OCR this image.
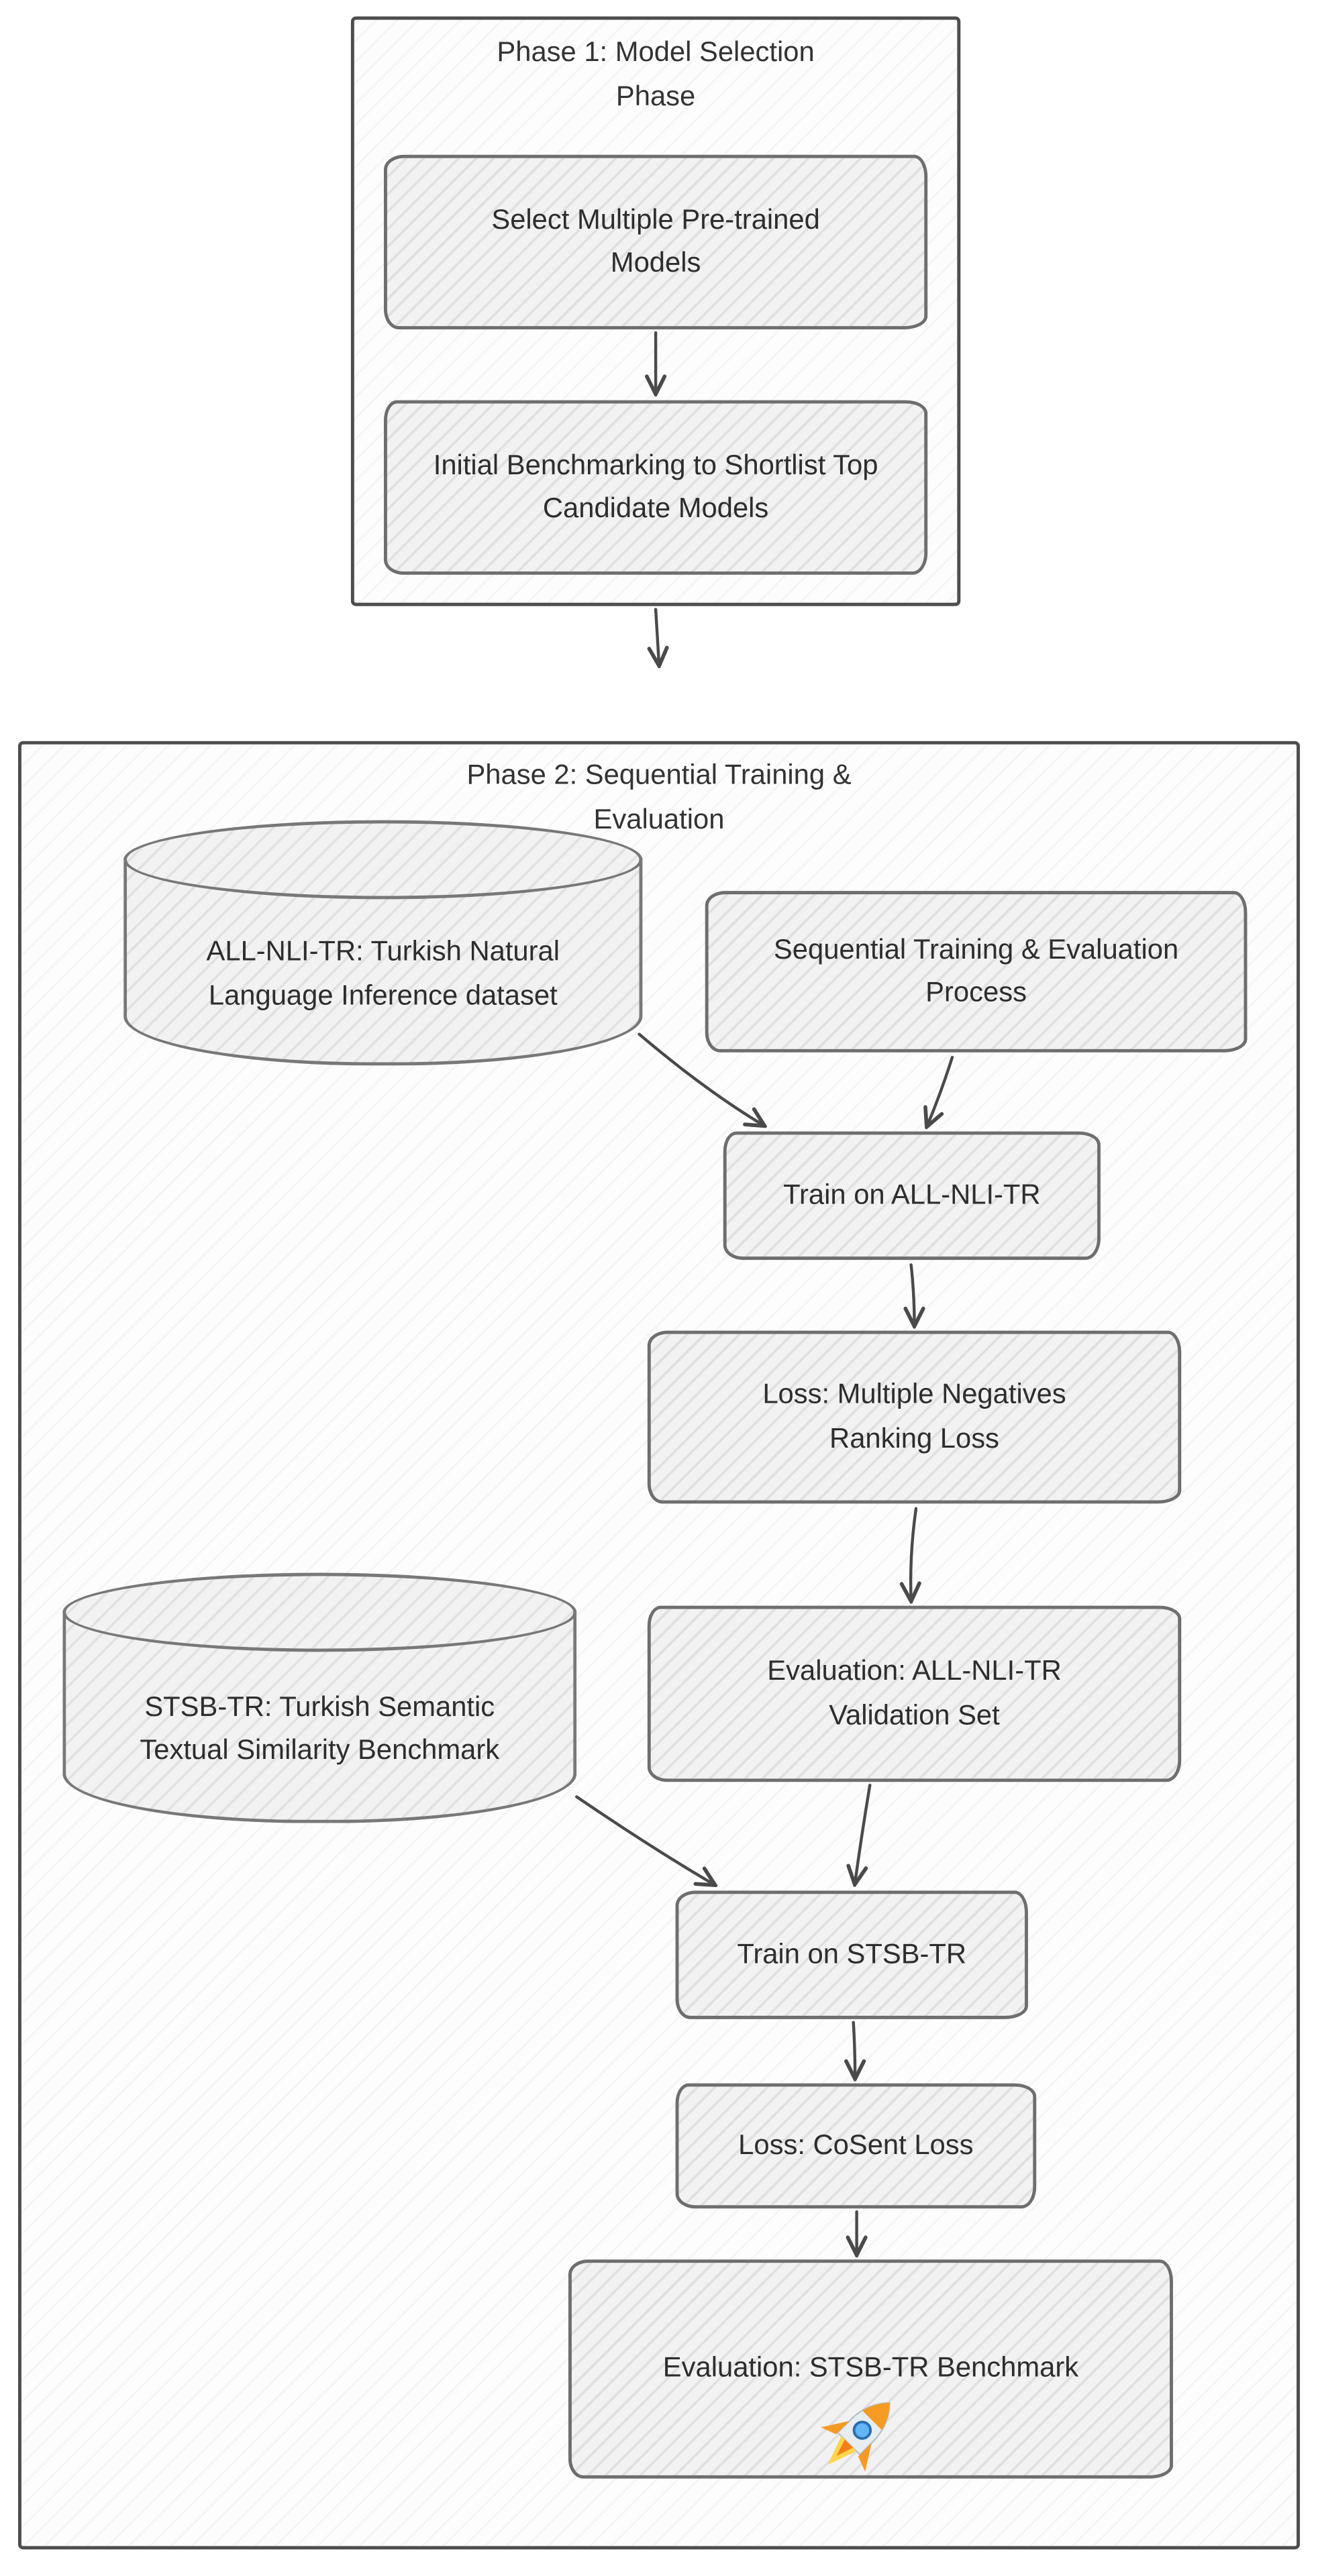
Phase 1: Model Selection Phase
Select Multiple Pre-trained Models
Initial Benchmarking to Shortlist Top Candidate Models
Phase 2: Sequential Training & Evaluation
ALL-NLI-TR: Turkish Natural Language Inference dataset
Sequential Training & Evaluation Process
Train on ALL-NLI-TR
Loss: Multiple Negatives Ranking Loss
Evaluation: ALL-NLI-TR Validation Set
STSB-TR: Turkish Semantic Textual Similarity Benchmark
Train on STSB-TR
Loss: CoSent Loss
Evaluation: STSB-TR Benchmark
